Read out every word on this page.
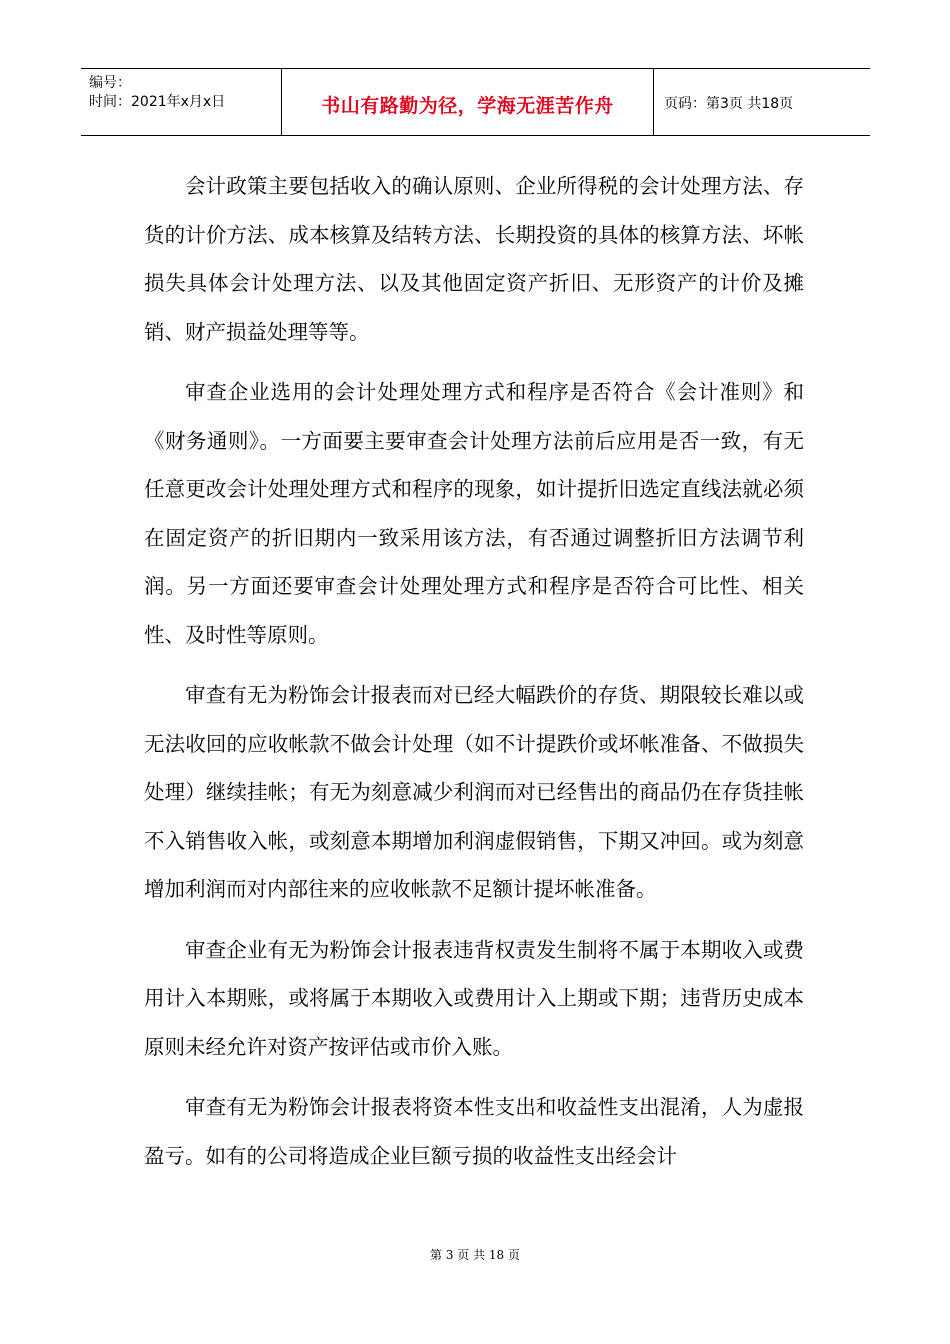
编号：
时间：2021年x月x日	书山有路勤为径，学海无涯苦作舟	页码：第3页 共18页

会计政策主要包括收入的确认原则、企业所得税的会计处理方法、存货的计价方法、成本核算及结转方法、长期投资的具体的核算方法、坏帐损失具体会计处理方法、以及其他固定资产折旧、无形资产的计价及摊销、财产损益处理等等。

审查企业选用的会计处理处理方式和程序是否符合《会计准则》和《财务通则》。一方面要主要审查会计处理方法前后应用是否一致，有无任意更改会计处理处理方式和程序的现象，如计提折旧选定直线法就必须在固定资产的折旧期内一致采用该方法，有否通过调整折旧方法调节利润。另一方面还要审查会计处理处理方式和程序是否符合可比性、相关性、及时性等原则。

审查有无为粉饰会计报表而对已经大幅跌价的存货、期限较长难以或无法收回的应收帐款不做会计处理（如不计提跌价或坏帐准备、不做损失处理）继续挂帐；有无为刻意减少利润而对已经售出的商品仍在存货挂帐不入销售收入帐，或刻意本期增加利润虚假销售，下期又冲回。或为刻意增加利润而对内部往来的应收帐款不足额计提坏帐准备。

审查企业有无为粉饰会计报表违背权责发生制将不属于本期收入或费用计入本期账，或将属于本期收入或费用计入上期或下期；违背历史成本原则未经允许对资产按评估或市价入账。

审查有无为粉饰会计报表将资本性支出和收益性支出混淆，人为虚报盈亏。如有的公司将造成企业巨额亏损的收益性支出经会计

第 3 页 共 18 页
